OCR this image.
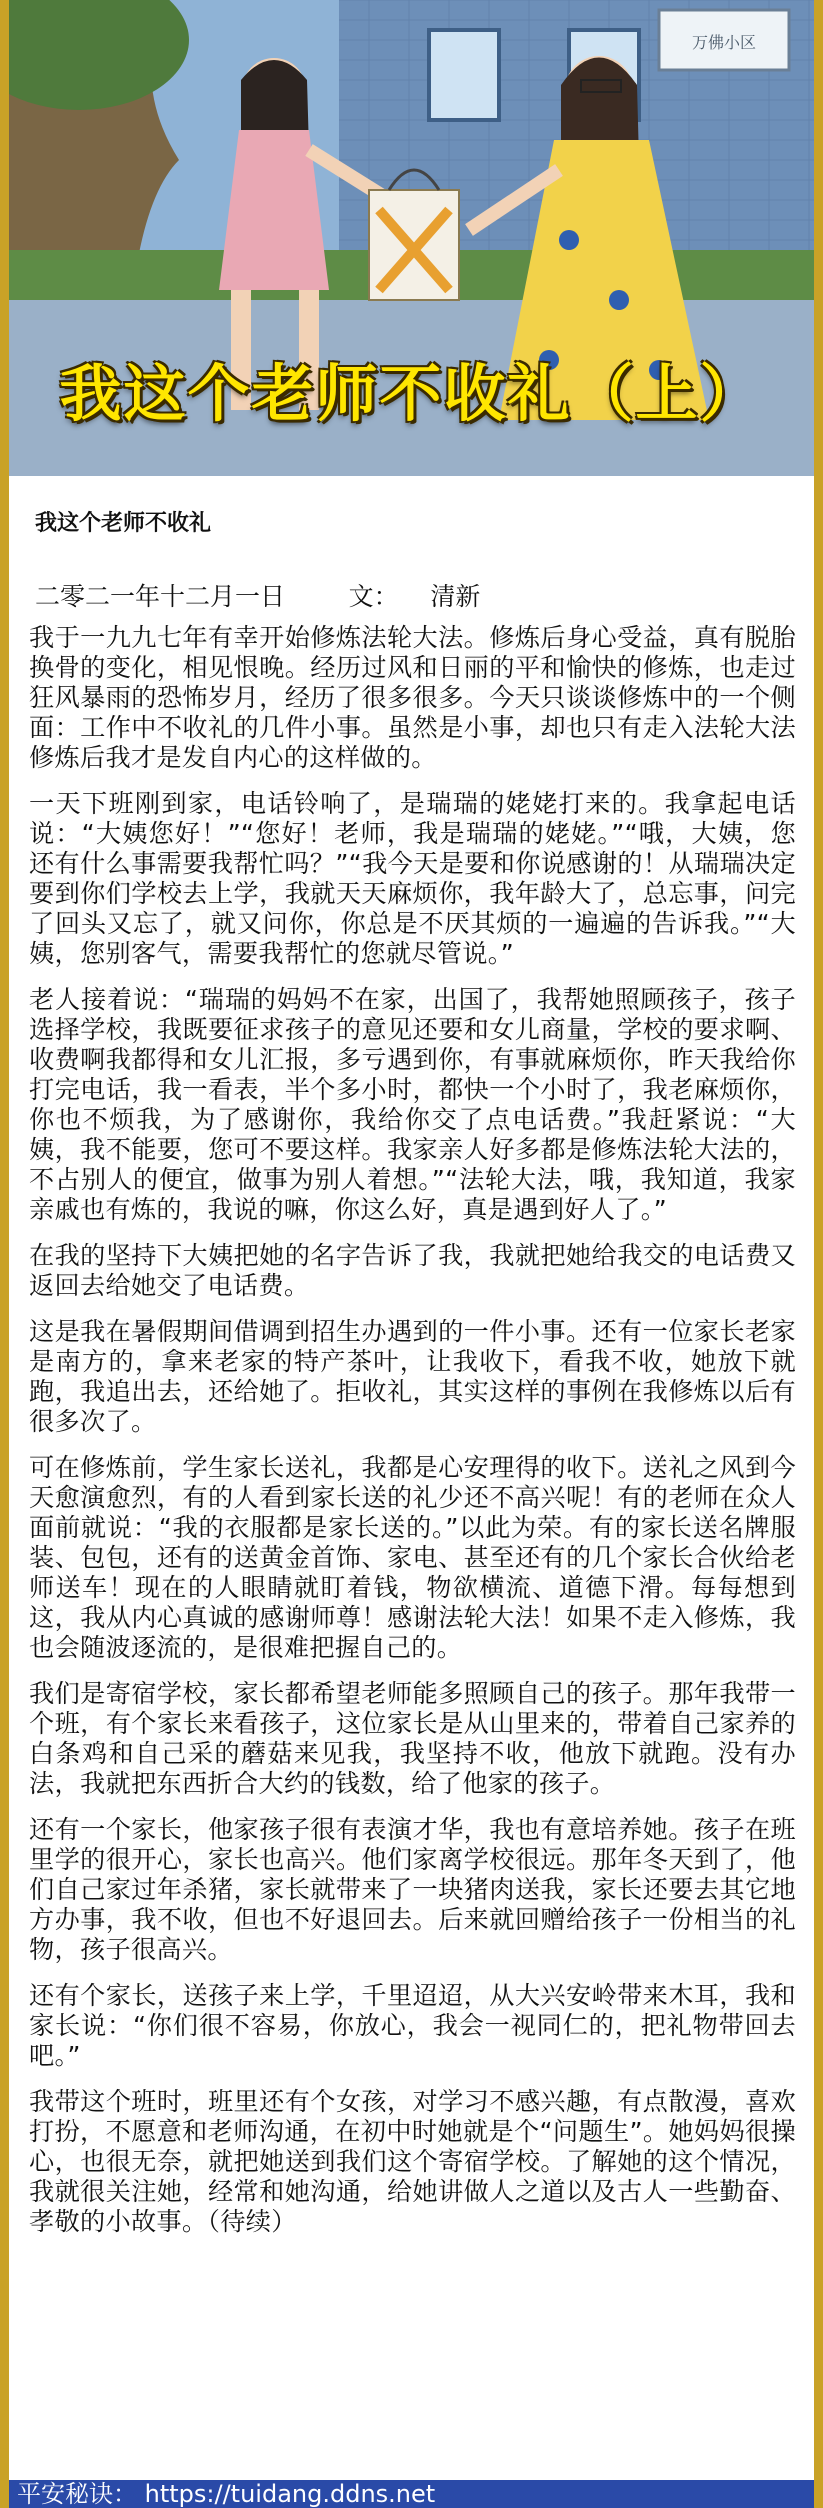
万佛小区
我这个老师不收礼（上）
我这个老师不收礼
二零二一年十二月一日	文： 清新

我于一九九七年有幸开始修炼法轮大法。修炼后身心受益，真有脱胎换骨的变化，相见恨晚。经历过风和日丽的平和愉快的修炼，也走过狂风暴雨的恐怖岁月，经历了很多很多。今天只谈谈修炼中的一个侧面：工作中不收礼的几件小事。虽然是小事，却也只有走入法轮大法修炼后我才是发自内心的这样做的。

一天下班刚到家，电话铃响了，是瑞瑞的姥姥打来的。我拿起电话说：“大姨您好！”“您好！老师，我是瑞瑞的姥姥。”“哦，大姨，您还有什么事需要我帮忙吗？”“我今天是要和你说感谢的！从瑞瑞决定要到你们学校去上学，我就天天麻烦你，我年龄大了，总忘事，问完了回头又忘了，就又问你，你总是不厌其烦的一遍遍的告诉我。”“大姨，您别客气，需要我帮忙的您就尽管说。”

老人接着说：“瑞瑞的妈妈不在家，出国了，我帮她照顾孩子，孩子选择学校，我既要征求孩子的意见还要和女儿商量，学校的要求啊、收费啊我都得和女儿汇报，多亏遇到你，有事就麻烦你，昨天我给你打完电话，我一看表，半个多小时，都快一个小时了，我老麻烦你，你也不烦我，为了感谢你，我给你交了点电话费。”我赶紧说：“大姨，我不能要，您可不要这样。我家亲人好多都是修炼法轮大法的，不占别人的便宜，做事为别人着想。”“法轮大法，哦，我知道，我家亲戚也有炼的，我说的嘛，你这么好，真是遇到好人了。”

在我的坚持下大姨把她的名字告诉了我，我就把她给我交的电话费又返回去给她交了电话费。

这是我在暑假期间借调到招生办遇到的一件小事。还有一位家长老家是南方的，拿来老家的特产茶叶，让我收下，看我不收，她放下就跑，我追出去，还给她了。拒收礼，其实这样的事例在我修炼以后有很多次了。

可在修炼前，学生家长送礼，我都是心安理得的收下。送礼之风到今天愈演愈烈，有的人看到家长送的礼少还不高兴呢！有的老师在众人面前就说：“我的衣服都是家长送的。”以此为荣。有的家长送名牌服装、包包，还有的送黄金首饰、家电、甚至还有的几个家长合伙给老师送车！现在的人眼睛就盯着钱，物欲横流、道德下滑。每每想到这，我从内心真诚的感谢师尊！感谢法轮大法！如果不走入修炼，我也会随波逐流的，是很难把握自己的。

我们是寄宿学校，家长都希望老师能多照顾自己的孩子。那年我带一个班，有个家长来看孩子，这位家长是从山里来的，带着自己家养的白条鸡和自己采的蘑菇来见我，我坚持不收，他放下就跑。没有办法，我就把东西折合大约的钱数，给了他家的孩子。

还有一个家长，他家孩子很有表演才华，我也有意培养她。孩子在班里学的很开心，家长也高兴。他们家离学校很远。那年冬天到了，他们自己家过年杀猪，家长就带来了一块猪肉送我，家长还要去其它地方办事，我不收，但也不好退回去。后来就回赠给孩子一份相当的礼物，孩子很高兴。

还有个家长，送孩子来上学，千里迢迢，从大兴安岭带来木耳，我和家长说：“你们很不容易，你放心，我会一视同仁的，把礼物带回去吧。”

我带这个班时，班里还有个女孩，对学习不感兴趣，有点散漫，喜欢打扮，不愿意和老师沟通，在初中时她就是个“问题生”。她妈妈很操心，也很无奈，就把她送到我们这个寄宿学校。了解她的这个情况，我就很关注她，经常和她沟通，给她讲做人之道以及古人一些勤奋、孝敬的小故事。（待续）

平安秘诀： https://tuidang.ddns.net
